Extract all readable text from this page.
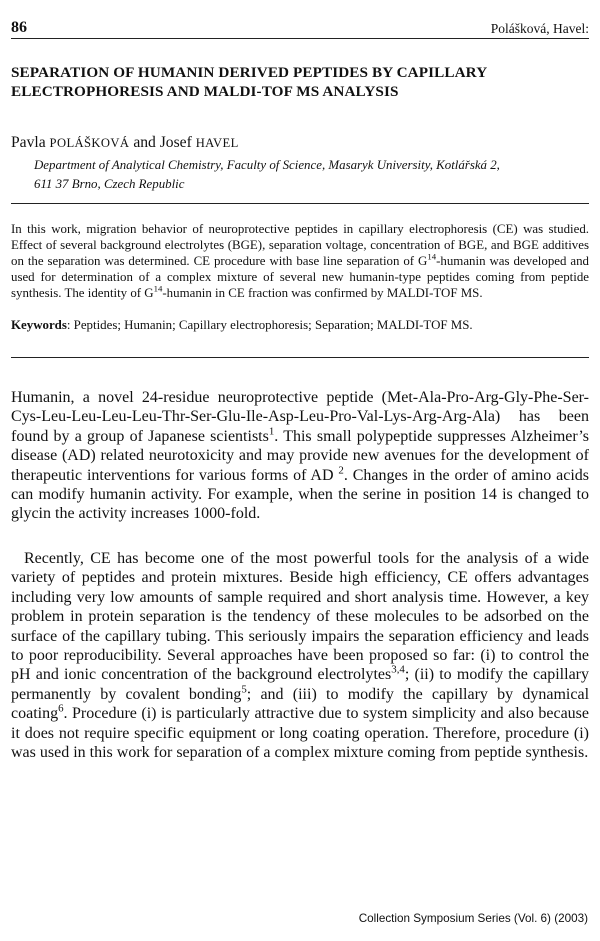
86	Polášková, Havel:
SEPARATION OF HUMANIN DERIVED PEPTIDES BY CAPILLARY
ELECTROPHORESIS AND MALDI-TOF MS ANALYSIS
Pavla POLÁŠKOVÁ and Josef HAVEL
Department of Analytical Chemistry, Faculty of Science, Masaryk University, Kotlářská 2,
611 37 Brno, Czech Republic

In this work, migration behavior of neuroprotective peptides in capillary electrophoresis (CE) was studied. Effect of several background electrolytes (BGE), separation voltage, concentration of BGE, and BGE additives on the separation was determined. CE procedure with base line separation of $G^{14}$-humanin was developed and used for determination of a complex mixture of several new humanin-type peptides coming from peptide synthesis. The identity of $G^{14}$-humanin in CE fraction was confirmed by MALDI-TOF MS.

Keywords: Peptides; Humanin; Capillary electrophoresis; Separation; MALDI-TOF MS.

Humanin, a novel 24-residue neuroprotective peptide (Met-Ala-Pro-Arg-Gly-Phe-Ser-Cys-Leu-Leu-Leu-Leu-Thr-Ser-Glu-Ile-Asp-Leu-Pro-Val-Lys-Arg-Arg-Ala) has been found by a group of Japanese scientists$^1$. This small polypeptide suppresses Alzheimer’s disease (AD) related neurotoxicity and may provide new avenues for the development of therapeutic interventions for various forms of AD $^2$. Changes in the order of amino acids can modify humanin activity. For example, when the serine in position 14 is changed to glycin the activity increases 1000-fold.

Recently, CE has become one of the most powerful tools for the analysis of a wide variety of peptides and protein mixtures. Beside high efficiency, CE offers advantages including very low amounts of sample required and short analysis time. However, a key problem in protein separation is the tendency of these molecules to be adsorbed on the surface of the capillary tubing. This seriously impairs the separation efficiency and leads to poor reproducibility. Several approaches have been proposed so far: (i) to control the pH and ionic concentration of the background electrolytes$^{3,4}$; (ii) to modify the capillary permanently by covalent bonding$^5$; and (iii) to modify the capillary by dynamical coating$^6$. Procedure (i) is particularly attractive due to system simplicity and also because it does not require specific equipment or long coating operation. Therefore, procedure (i) was used in this work for separation of a complex mixture coming from peptide synthesis.

Collection Symposium Series (Vol. 6) (2003)
